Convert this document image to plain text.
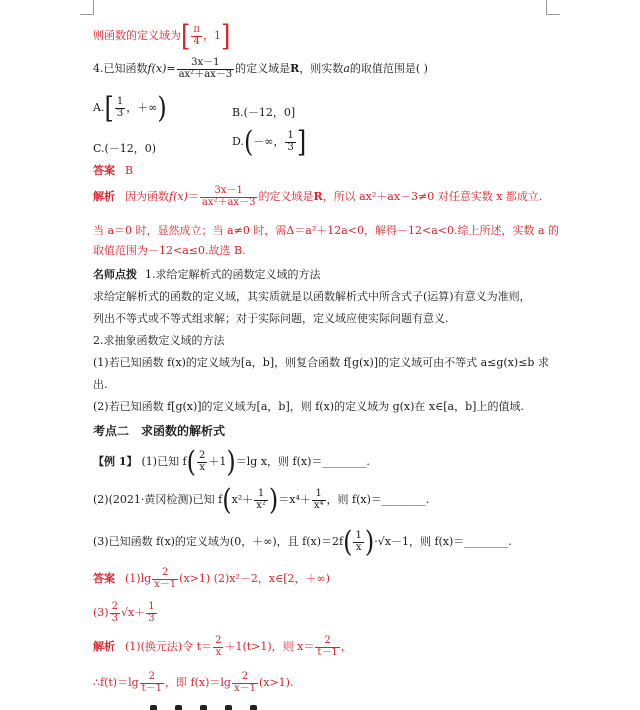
则函数的定义域为[ $\frac{\pi}{4}$ ，1]
4.已知函数$f(x)= \frac{3x-1}{\text{ax²＋ax－3}}$ 的定义域是R，则实数a的取值范围是( )
$A.[ \frac{1}{3}$ ，＋∞)	B.(－12，0]
C.(－12，0)
D.(－∞， $\frac{1}{3}$ ]
答案 B
解析 因为函数$f(x)= \frac{3x-1}{\text{ax²＋ax－3}}$ 的定义域是R，所以 ax²＋ax－3≠0 对任意实数 x 都成立.
当 a＝0 时，显然成立；当 a≠0 时，需Δ＝a²＋12a<0，解得－12<a<0.综上所述，实数 a 的
取值范围为－12<a≤0.故选 B.
名师点拨 1.求给定解析式的函数定义域的方法
求给定解析式的函数的定义域，其实质就是以函数解析式中所含式子(运算)有意义为准则，
列出不等式或不等式组求解；对于实际问题，定义域应使实际问题有意义.
2.求抽象函数定义域的方法
(1)若已知函数 f(x)的定义域为[a，b]，则复合函数 f[g(x)]的定义域可由不等式 a≤g(x)≤b 求
出.
(2)若已知函数 f[g(x)]的定义域为[a，b]，则 f(x)的定义域为 g(x)在 x∈[a，b]上的值域.
考点二　求函数的解析式
【例 1】 (1)已知 $f( \frac{2}{x} +1)=\lg$ x，则 f(x)＝________.
(2)(2021·黄冈检测)已知 $f(x^2+ \frac{1}{\text{x²}} )=x^4+ \frac{1}{\text{x⁴}}$ ，则 f(x)＝________.
(3)已知函数 f(x)的定义域为(0，＋∞)，且 $f(x)=2f( \frac{1}{x} )\cdot√x-1$，则 f(x)＝________.
答案 $(1)\lg \frac{2}{x-1} (x>1)$ (2)x²－2，x∈[2，＋∞)
$(3) \frac{2}{3} √x+ \frac{1}{3}$
解析 (1)(换元法)令 $t= \frac{2}{x} +1(t>1)$，则 $x= \frac{2}{t-1}$ ，
∴f(t)＝lg $\frac{2}{t-1}$ ，即 $f(x)=\lg \frac{2}{x-1} (x>1)$.
